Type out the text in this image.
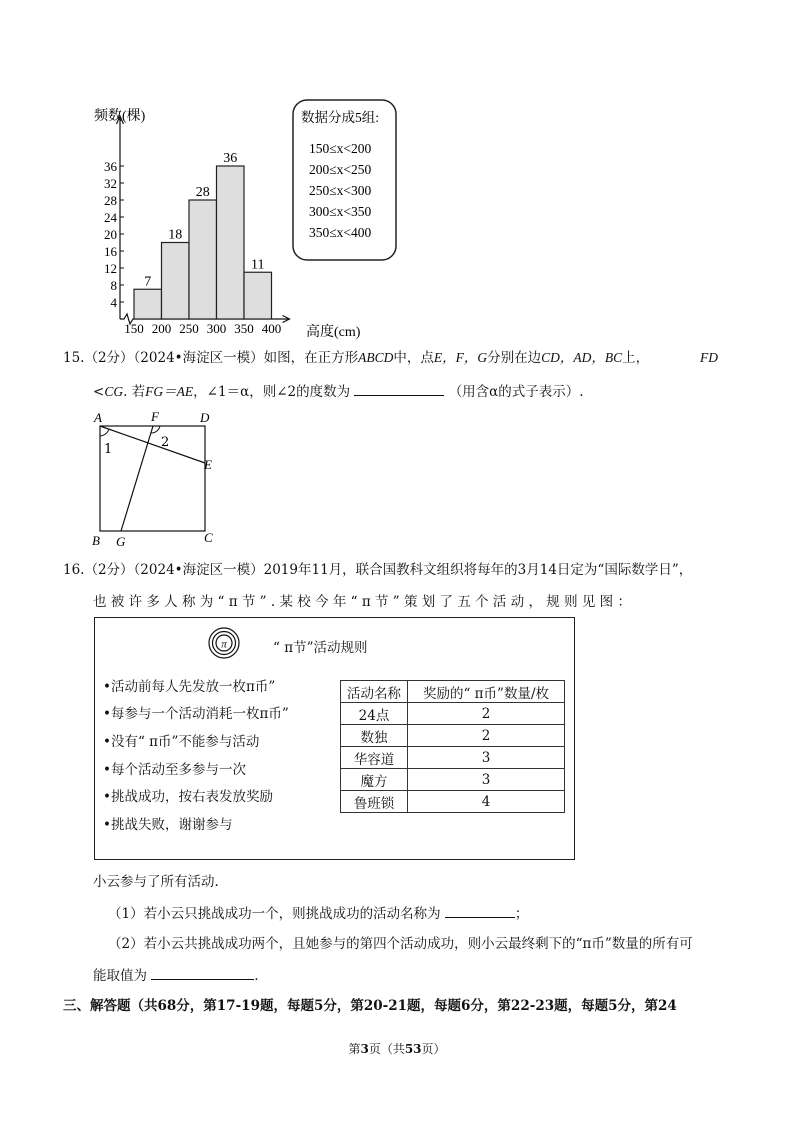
频数(棵)
4
8
12
16
20
24
28
32
36
7
18
28
36
11
150 200 250 300 350 400 高度(cm)
数据分成5组:
150≤x<200
200≤x<250
250≤x<300
300≤x<350
350≤x<400
15.（2分）（2024•海淀区一模）如图，在正方形ABCD中，点E，F，G分别在边CD，AD，BC上，	FD
<CG. 若FG＝AE，∠1＝α，则∠2的度数为	（用含α的式子表示）.
A	F	D
E
B G	C
1	2
16.（2分）（2024•海淀区一模）2019年11月，联合国教科文组织将每年的3月14日定为“国际数学日”，
也 被 许 多 人 称 为 “ π 节 ” . 某 校 今 年 “ π 节 ” 策 划 了 五 个 活 动 ， 规 则 见 图 ：
π	“ π节”活动规则
•活动前每人先发放一枚π币”
•每参与一个活动消耗一枚π币”
•没有“ π币”不能参与活动
•每个活动至多参与一次
•挑战成功，按右表发放奖励
•挑战失败，谢谢参与
活动名称	奖励的“ π币”数量/枚
24点	2
数独	2
华容道	3
魔方	3
鲁班锁	4
小云参与了所有活动.
（1）若小云只挑战成功一个，则挑战成功的活动名称为	；
（2）若小云共挑战成功两个，且她参与的第四个活动成功，则小云最终剩下的“π币”数量的所有可
能取值为	.
三、解答题（共68分，第17-19题，每题5分，第20-21题，每题6分，第22-23题，每题5分，第24
第3页（共53页）
